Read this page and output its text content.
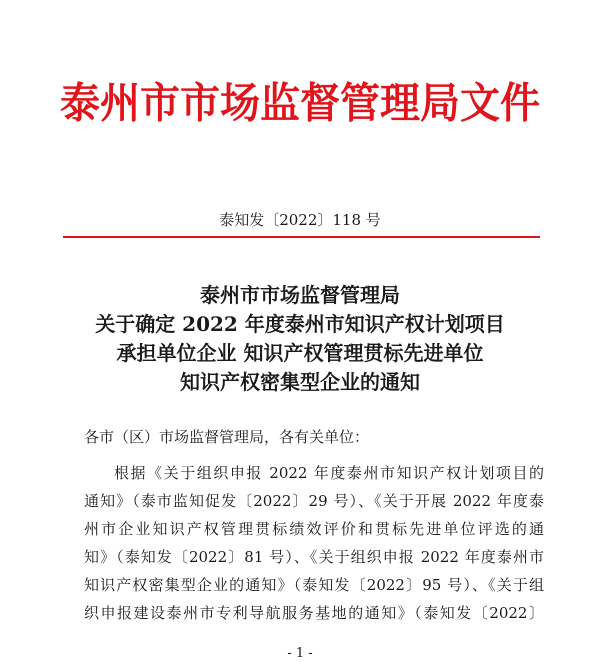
泰州市市场监督管理局文件
泰知发〔2022〕118 号
泰州市市场监督管理局
关于确定 2022 年度泰州市知识产权计划项目
承担单位企业 知识产权管理贯标先进单位
知识产权密集型企业的通知
各市（区）市场监督管理局，各有关单位：
根据《关于组织申报 2022 年度泰州市知识产权计划项目的
通知》（泰市监知促发〔2022〕29 号）、《关于开展 2022 年度泰
州市企业知识产权管理贯标绩效评价和贯标先进单位评选的通
知》（泰知发〔2022〕81 号）、《关于组织申报 2022 年度泰州市
知识产权密集型企业的通知》（泰知发〔2022〕95 号）、《关于组
织申报建设泰州市专利导航服务基地的通知》（泰知发〔2022〕
- 1 -
